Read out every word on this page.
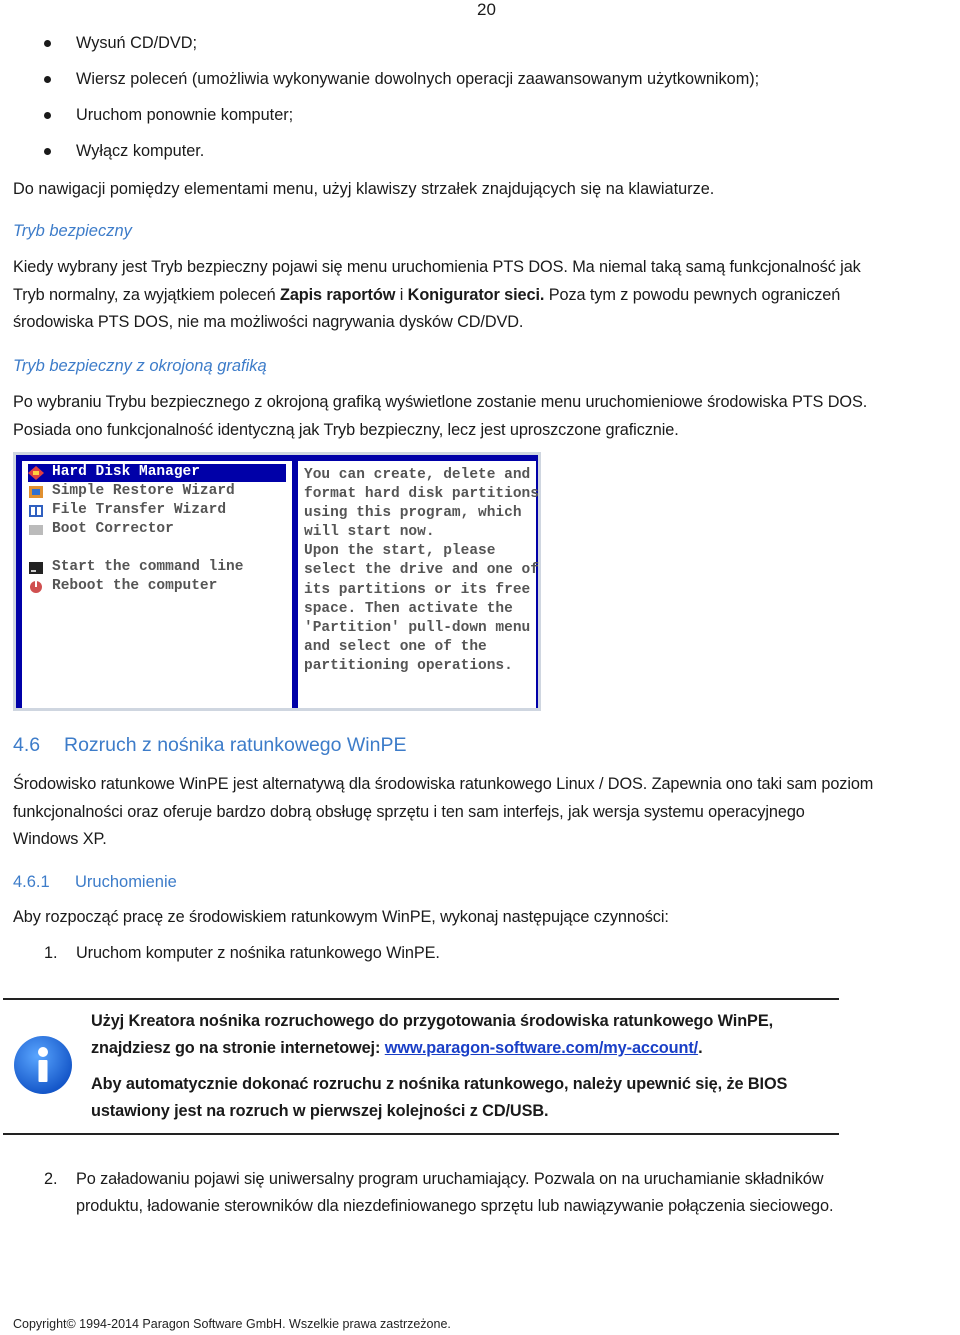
20
Wysuń CD/DVD;
Wiersz poleceń (umożliwia wykonywanie dowolnych operacji zaawansowanym użytkownikom);
Uruchom ponownie komputer;
Wyłącz komputer.
Do nawigacji pomiędzy elementami menu, użyj klawiszy strzałek znajdujących się na klawiaturze.
Tryb bezpieczny
Kiedy wybrany jest Tryb bezpieczny pojawi się menu uruchomienia PTS DOS. Ma niemal taką samą funkcjonalność jak
Tryb normalny, za wyjątkiem poleceń Zapis raportów i Konigurator sieci. Poza tym z powodu pewnych ograniczeń
środowiska PTS DOS, nie ma możliwości nagrywania dysków CD/DVD.
Tryb bezpieczny z okrojoną grafiką
Po wybraniu Trybu bezpiecznego z okrojoną grafiką wyświetlone zostanie menu uruchomieniowe środowiska PTS DOS.
Posiada ono funkcjonalność identyczną jak Tryb bezpieczny, lecz jest uproszczone graficznie.
Hard Disk Manager
Simple Restore Wizard
File Transfer Wizard
Boot Corrector
Start the command line
Reboot the computer
You can create, delete and
format hard disk partitions
using this program, which
will start now.
Upon the start, please
select the drive and one of
its partitions or its free
space. Then activate the
'Partition' pull-down menu
and select one of the
partitioning operations.
4.6 Rozruch z nośnika ratunkowego WinPE
Środowisko ratunkowe WinPE jest alternatywą dla środowiska ratunkowego Linux / DOS. Zapewnia ono taki sam poziom
funkcjonalności oraz oferuje bardzo dobrą obsługę sprzętu i ten sam interfejs, jak wersja systemu operacyjnego
Windows XP.
4.6.1 Uruchomienie
Aby rozpocząć pracę ze środowiskiem ratunkowym WinPE, wykonaj następujące czynności:
1. Uruchom komputer z nośnika ratunkowego WinPE.
Użyj Kreatora nośnika rozruchowego do przygotowania środowiska ratunkowego WinPE,
znajdziesz go na stronie internetowej: www.paragon-software.com/my-account/.
Aby automatycznie dokonać rozruchu z nośnika ratunkowego, należy upewnić się, że BIOS
ustawiony jest na rozruch w pierwszej kolejności z CD/USB.
2. Po załadowaniu pojawi się uniwersalny program uruchamiający. Pozwala on na uruchamianie składników
produktu, ładowanie sterowników dla niezdefiniowanego sprzętu lub nawiązywanie połączenia sieciowego.
Copyright© 1994-2014 Paragon Software GmbH. Wszelkie prawa zastrzeżone.
